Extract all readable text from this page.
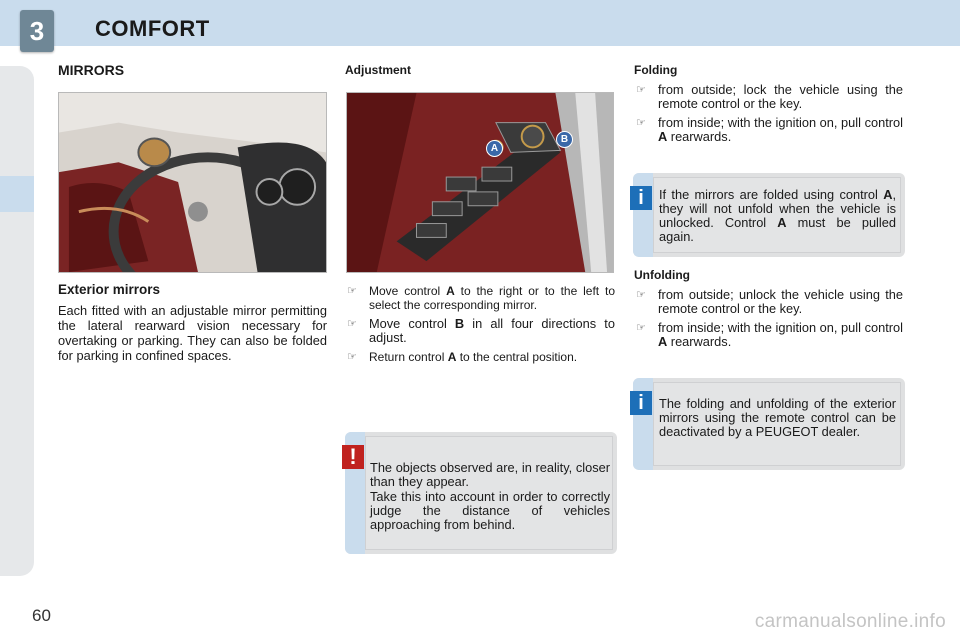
3	COMFORT
MIRRORS
Exterior mirrors
Each fitted with an adjustable mirror permitting the lateral rearward vision necessary for overtaking or parking. They can also be folded for parking in confined spaces.
Adjustment
A
B
☞ Move control A to the right or to the left to select the corresponding mirror.
☞ Move control B in all four directions to adjust.
☞ Return control A to the central position.
!	The objects observed are, in reality, closer than they appear.
Take this into account in order to correctly judge the distance of vehicles approaching from behind.
Folding
☞ from outside; lock the vehicle using the remote control or the key.
☞ from inside; with the ignition on, pull control A rearwards.
i	If the mirrors are folded using control A, they will not unfold when the vehicle is unlocked. Control A must be pulled again.
Unfolding
☞ from outside; unlock the vehicle using the remote control or the key.
☞ from inside; with the ignition on, pull control A rearwards.
i	The folding and unfolding of the exterior mirrors using the remote control can be deactivated by a PEUGEOT dealer.
60	carmanualsonline.info
